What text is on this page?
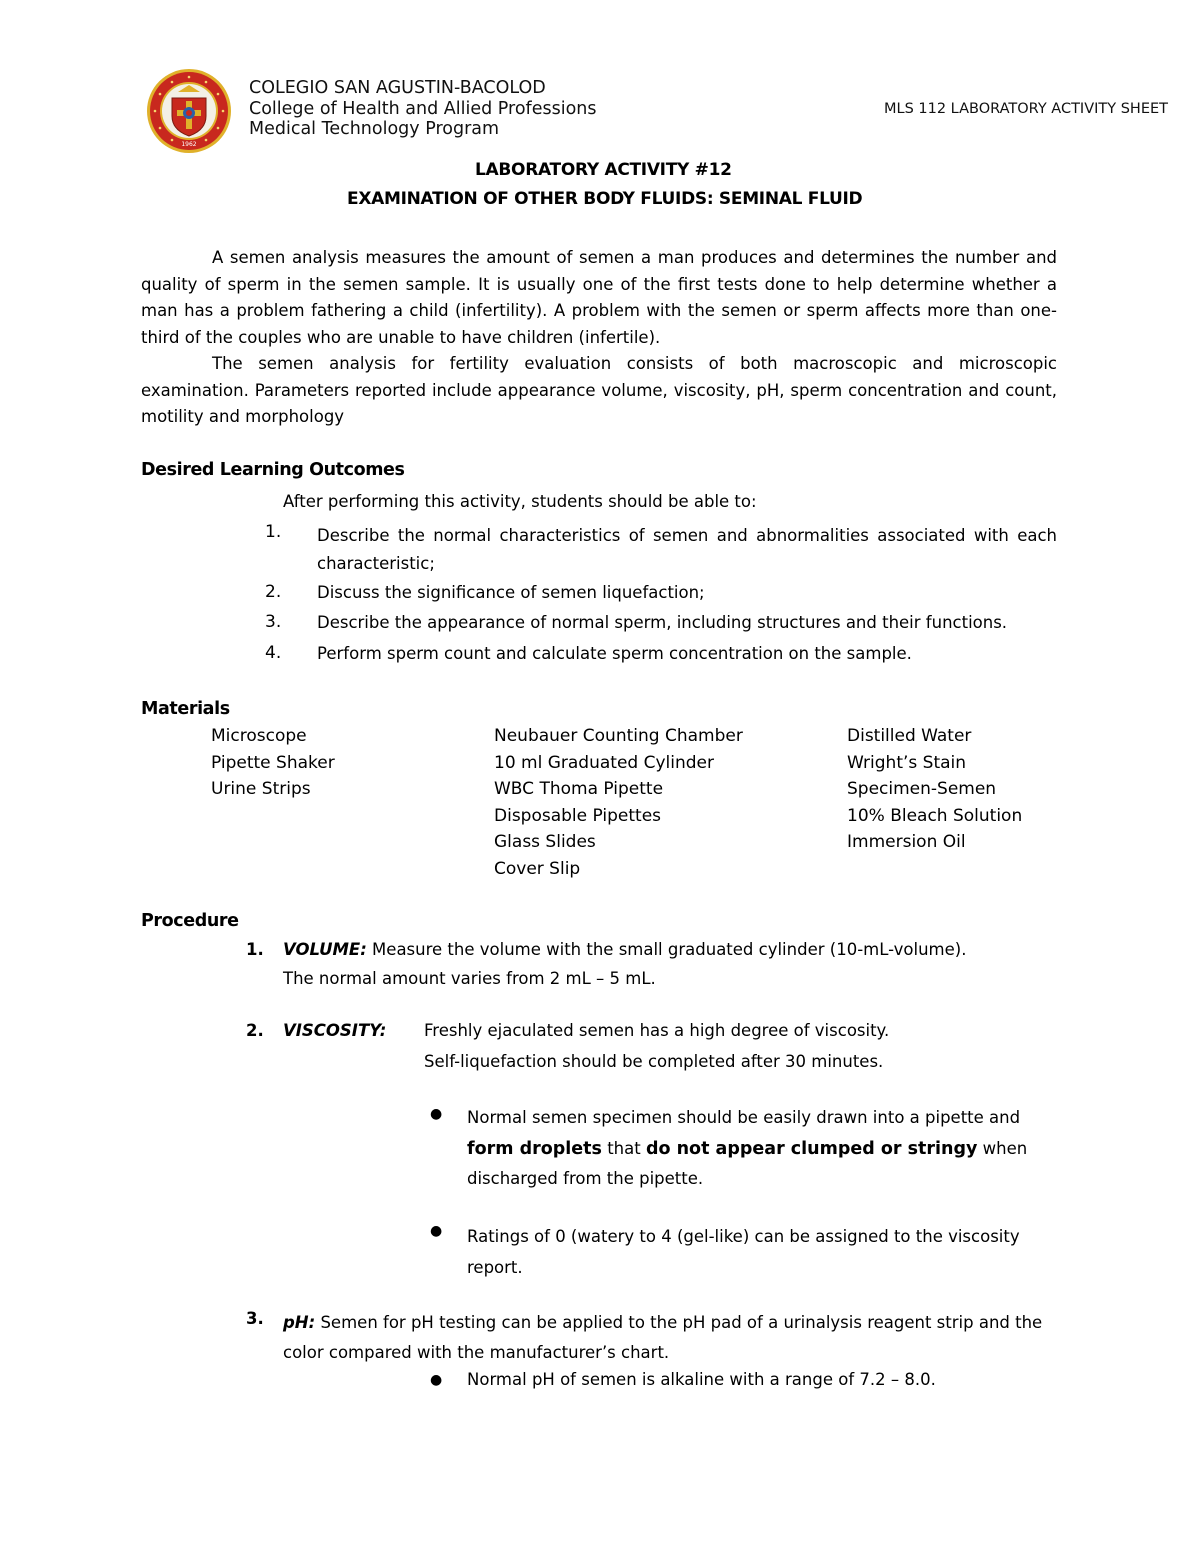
1962
COLEGIO SAN AGUSTIN-BACOLOD
College of Health and Allied Professions
Medical Technology Program
MLS 112 LABORATORY ACTIVITY SHEET
LABORATORY ACTIVITY #12
EXAMINATION OF OTHER BODY FLUIDS: SEMINAL FLUID

A semen analysis measures the amount of semen a man produces and determines the number and quality of sperm in the semen sample. It is usually one of the first tests done to help determine whether a man has a problem fathering a child (infertility). A problem with the semen or sperm affects more than one-third of the couples who are unable to have children (infertile).

The semen analysis for fertility evaluation consists of both macroscopic and microscopic examination. Parameters reported include appearance volume, viscosity, pH, sperm concentration and count, motility and morphology

Desired Learning Outcomes
After performing this activity, students should be able to:
1. Describe the normal characteristics of semen and abnormalities associated with each characteristic;
2. Discuss the significance of semen liquefaction;
3. Describe the appearance of normal sperm, including structures and their functions.
4. Perform sperm count and calculate sperm concentration on the sample.
Materials
Microscope
Pipette Shaker
Urine Strips
Neubauer Counting Chamber
10 ml Graduated Cylinder
WBC Thoma Pipette
Disposable Pipettes
Glass Slides
Cover Slip
Distilled Water
Wright’s Stain
Specimen-Semen
10% Bleach Solution
Immersion Oil
Procedure
1. VOLUME: Measure the volume with the small graduated cylinder (10-mL-volume).
The normal amount varies from 2 mL – 5 mL.
2. VISCOSITY: Freshly ejaculated semen has a high degree of viscosity.
Self-liquefaction should be completed after 30 minutes.
● Normal semen specimen should be easily drawn into a pipette and form droplets that do not appear clumped or stringy when discharged from the pipette.
● Ratings of 0 (watery to 4 (gel-like) can be assigned to the viscosity report.
3. pH: Semen for pH testing can be applied to the pH pad of a urinalysis reagent strip and the color compared with the manufacturer’s chart.
● Normal pH of semen is alkaline with a range of 7.2 – 8.0.
